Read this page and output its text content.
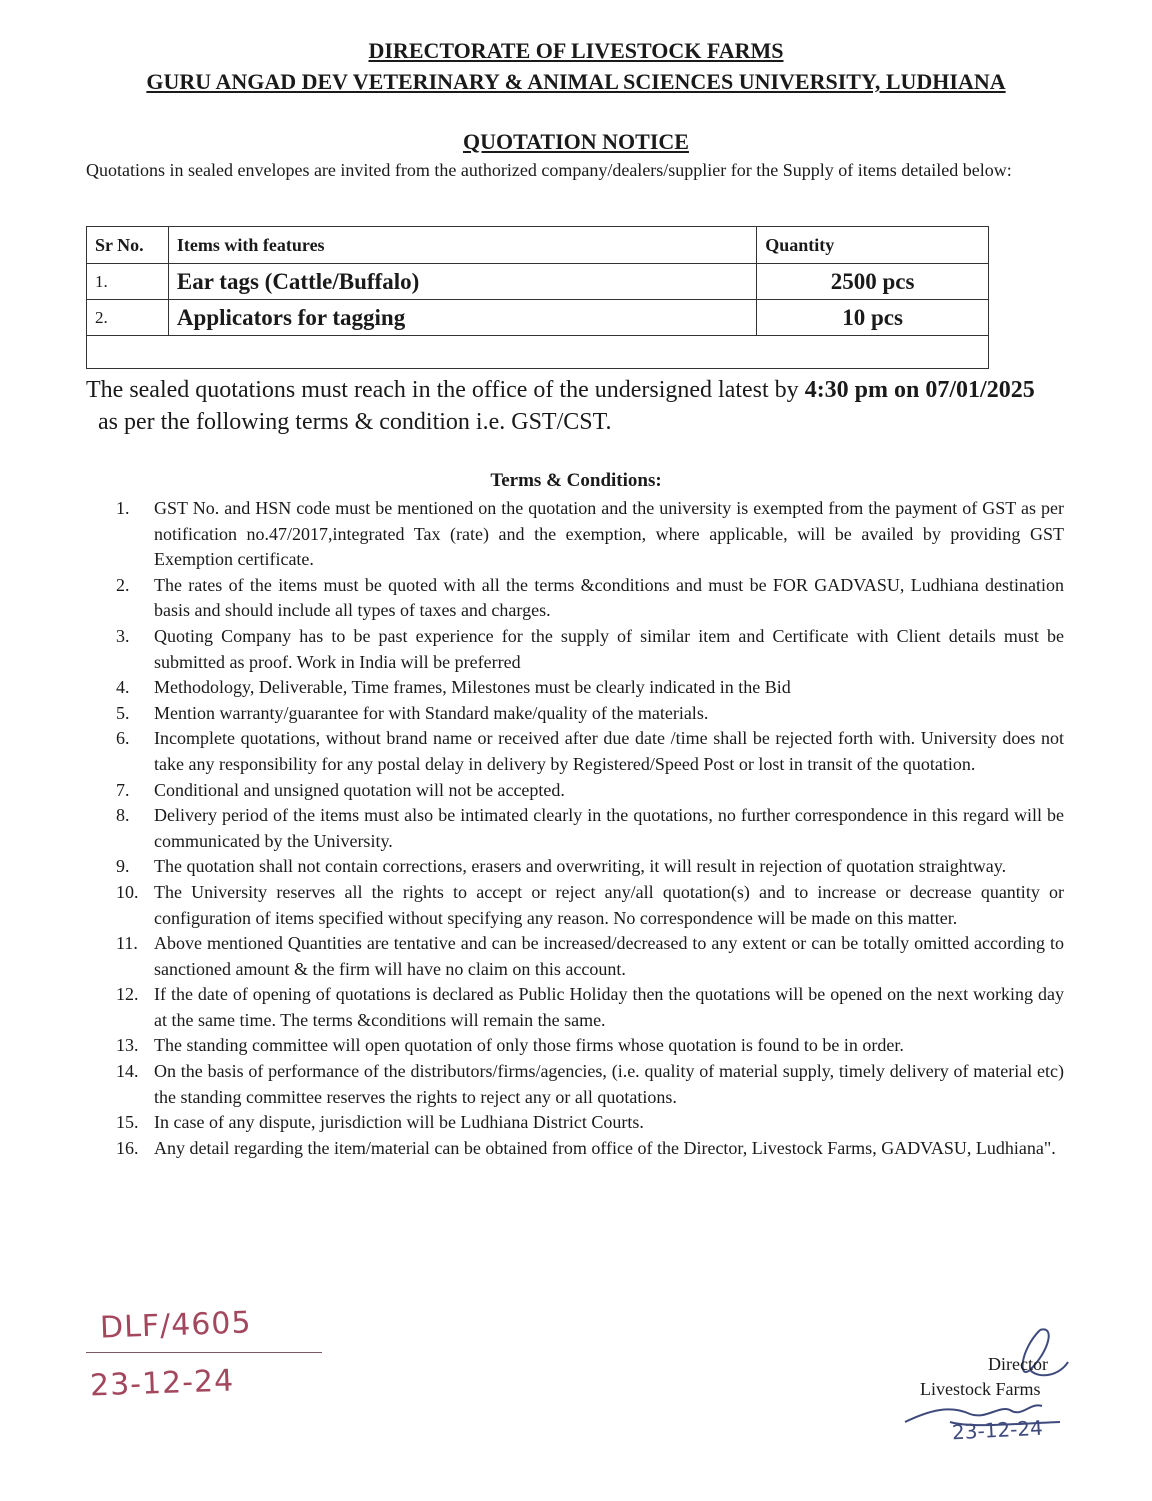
DIRECTORATE OF LIVESTOCK FARMS
GURU ANGAD DEV VETERINARY & ANIMAL SCIENCES UNIVERSITY, LUDHIANA
QUOTATION NOTICE
Quotations in sealed envelopes are invited from the authorized company/dealers/supplier for the Supply of items detailed below:
Sr No.	Items with features	Quantity
1.	Ear tags (Cattle/Buffalo)	2500 pcs
2.	Applicators for tagging	10 pcs

The sealed quotations must reach in the office of the undersigned latest by 4:30 pm on 07/01/2025
as per the following terms & condition i.e. GST/CST.
Terms & Conditions:
1.	GST No. and HSN code must be mentioned on the quotation and the university is exempted from the payment of GST as per notification no.47/2017,integrated Tax (rate) and the exemption, where applicable, will be availed by providing GST Exemption certificate.
2.	The rates of the items must be quoted with all the terms &conditions and must be FOR GADVASU, Ludhiana destination basis and should include all types of taxes and charges.
3.	Quoting Company has to be past experience for the supply of similar item and Certificate with Client details must be submitted as proof. Work in India will be preferred
4.	Methodology, Deliverable, Time frames, Milestones must be clearly indicated in the Bid
5.	Mention warranty/guarantee for with Standard make/quality of the materials.
6.	Incomplete quotations, without brand name or received after due date /time shall be rejected forth with. University does not take any responsibility for any postal delay in delivery by Registered/Speed Post or lost in transit of the quotation.
7.	Conditional and unsigned quotation will not be accepted.
8.	Delivery period of the items must also be intimated clearly in the quotations, no further correspondence in this regard will be communicated by the University.
9.	The quotation shall not contain corrections, erasers and overwriting, it will result in rejection of quotation straightway.
10. The University reserves all the rights to accept or reject any/all quotation(s) and to increase or decrease quantity or configuration of items specified without specifying any reason. No correspondence will be made on this matter.
11. Above mentioned Quantities are tentative and can be increased/decreased to any extent or can be totally omitted according to sanctioned amount & the firm will have no claim on this account.
12. If the date of opening of quotations is declared as Public Holiday then the quotations will be opened on the next working day at the same time. The terms &conditions will remain the same.
13. The standing committee will open quotation of only those firms whose quotation is found to be in order.
14. On the basis of performance of the distributors/firms/agencies, (i.e. quality of material supply, timely delivery of material etc) the standing committee reserves the rights to reject any or all quotations.
15. In case of any dispute, jurisdiction will be Ludhiana District Courts.
16. Any detail regarding the item/material can be obtained from office of the Director, Livestock Farms, GADVASU, Ludhiana".
DLF/4605
23-12-24	Director
Livestock Farms
23-12-24
